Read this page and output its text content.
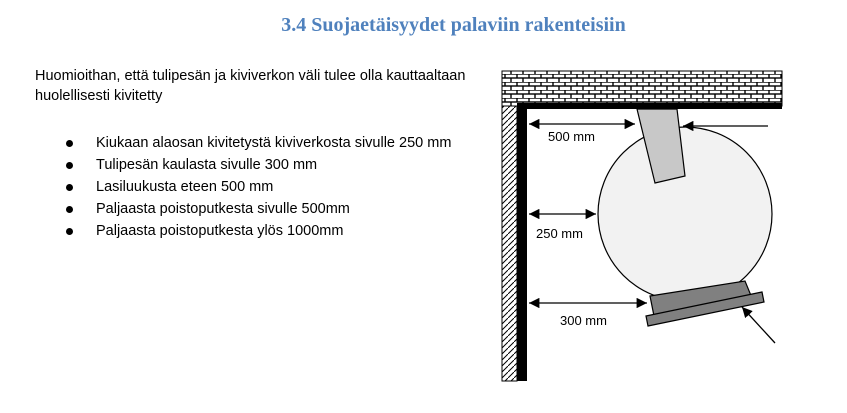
3.4 Suojaetäisyydet palaviin rakenteisiin
Huomioithan, että tulipesän ja kiviverkon väli tulee olla kauttaaltaan huolellisesti kivitetty
Kiukaan alaosan kivitetystä kiviverkosta sivulle 250 mm
Tulipesän kaulasta sivulle 300 mm
Lasiluukusta eteen 500 mm
Paljaasta poistoputkesta sivulle 500mm
Paljaasta poistoputkesta ylös 1000mm
500 mm
250 mm
300 mm
